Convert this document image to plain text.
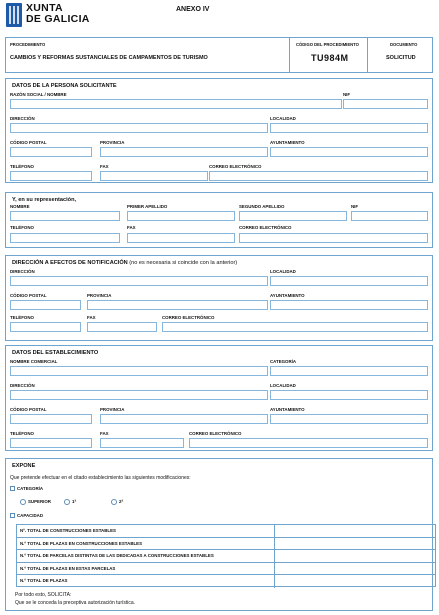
XUNTA
DE GALICIA
ANEXO IV
PROCEDIMIENTO
CAMBIOS Y REFORMAS SUSTANCIALES DE CAMPAMENTOS DE TURISMO
CÓDIGO DEL PROCEDIMIENTO
TU984M
DOCUMENTO
SOLICITUD
DATOS DE LA PERSONA SOLICITANTE
RAZÓN SOCIAL / NOMBRE	NIF
DIRECCIÓN	LOCALIDAD
CÓDIGO POSTAL	PROVINCIA	AYUNTAMIENTO
TELÉFONO	FAX	CORREO ELECTRÓNICO
Y, en su representación,
NOMBRE	PRIMER APELLIDO	SEGUNDO APELLIDO	NIF
TELÉFONO	FAX	CORREO ELECTRÓNICO
DIRECCIÓN A EFECTOS DE NOTIFICACIÓN (no es necesaria si coincide con la anterior)
DIRECCIÓN	LOCALIDAD
CÓDIGO POSTAL	PROVINCIA	AYUNTAMIENTO
TELÉFONO	FAX	CORREO ELECTRÓNICO
DATOS DEL ESTABLECIMIENTO
NOMBRE COMERCIAL	CATEGORÍA
DIRECCIÓN	LOCALIDAD
CÓDIGO POSTAL	PROVINCIA	AYUNTAMIENTO
TELÉFONO	FAX	CORREO ELECTRÓNICO
EXPONE
Que pretende efectuar en el citado establecimiento las siguientes modificaciones:
CATEGORÍA
SUPERIOR	1ª	2ª
CAPACIDAD
Nº. TOTAL DE CONSTRUCCIONES ESTABLES
N.º TOTAL DE PLAZAS EN CONSTRUCCIONES ESTABLES
N.º TOTAL DE PARCELAS DISTINTAS DE LAS DEDICADAS A CONSTRUCCIONES ESTABLES
N.º TOTAL DE PLAZAS EN ESTAS PARCELAS
N.º TOTAL DE PLAZAS
Por todo esto, SOLICITA:
Que se le conceda la preceptiva autorización turística.
